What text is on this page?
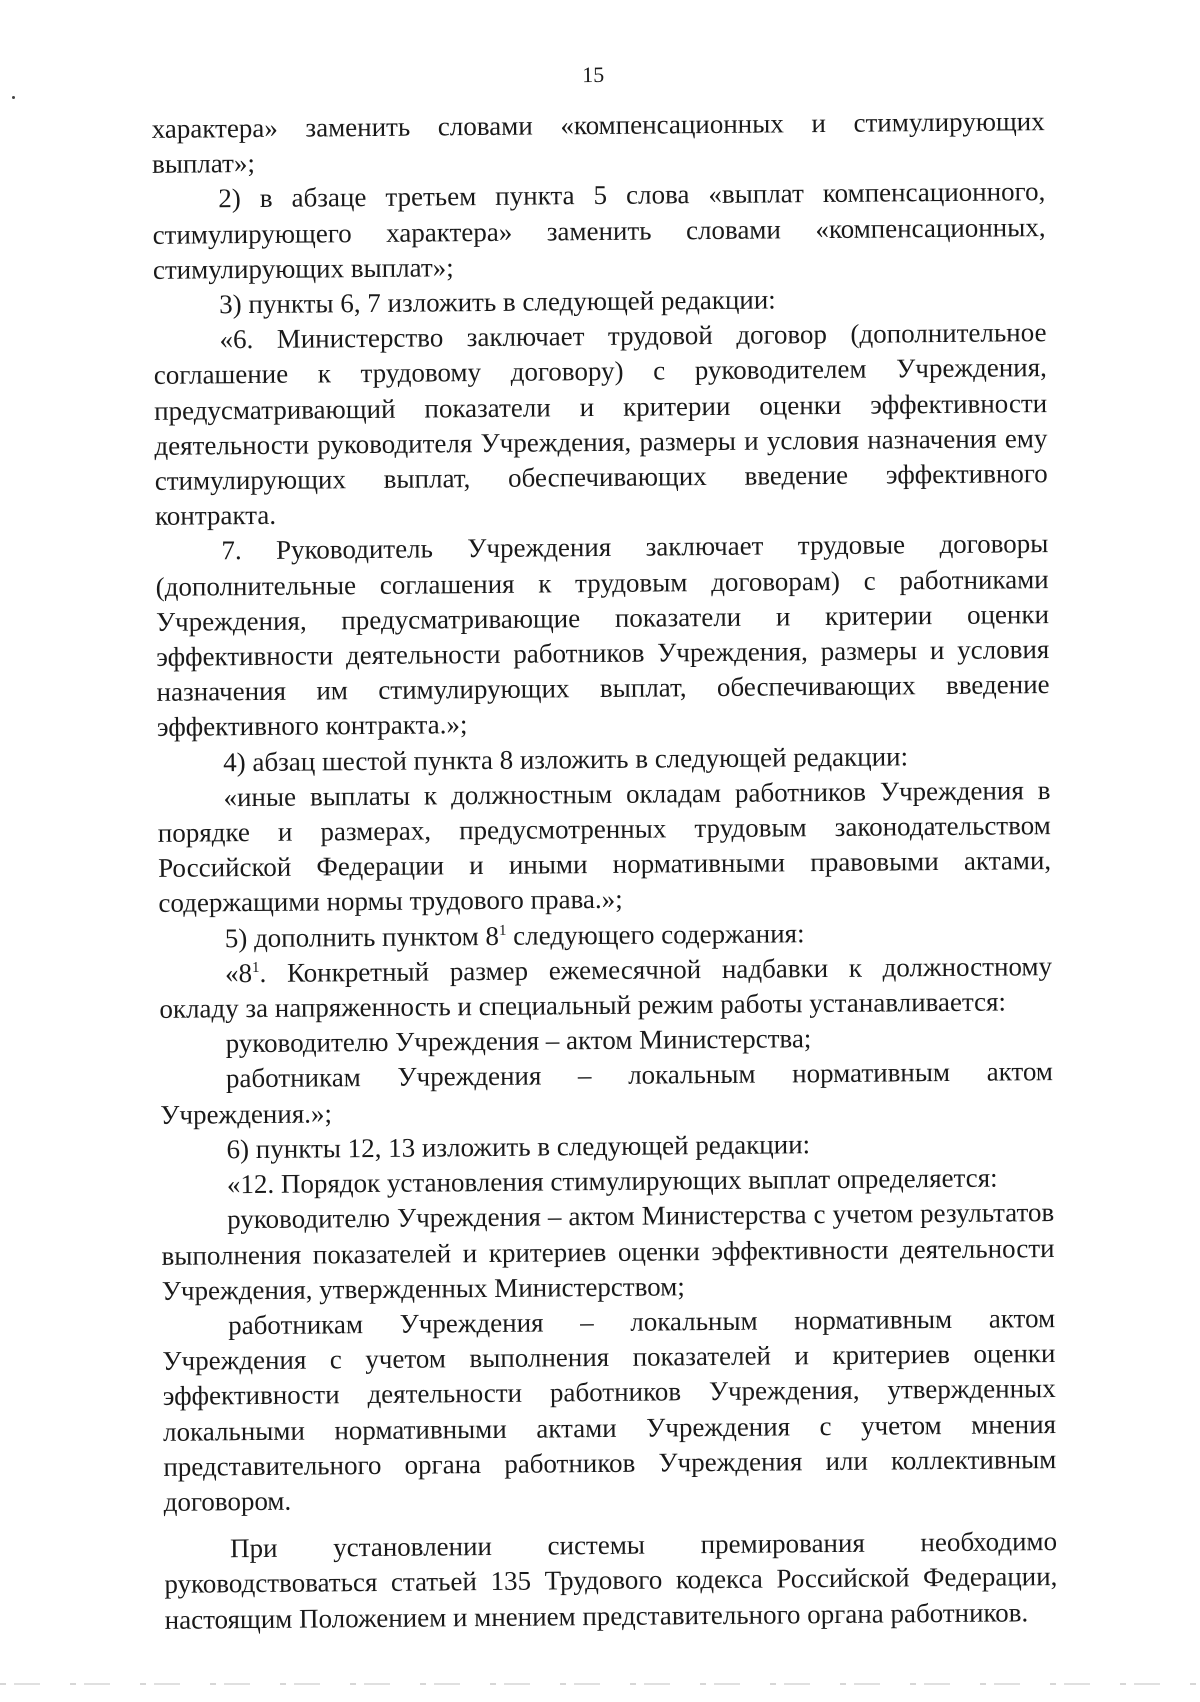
15

характера» заменить словами «компенсационных и стимулирующих выплат»;

2) в абзаце третьем пункта 5 слова «выплат компенсационного, стимулирующего характера» заменить словами «компенсационных, стимулирующих выплат»;

3) пункты 6, 7 изложить в следующей редакции:

«6. Министерство заключает трудовой договор (дополнительное соглашение к трудовому договору) с руководителем Учреждения, предусматривающий показатели и критерии оценки эффективности деятельности руководителя Учреждения, размеры и условия назначения ему стимулирующих выплат, обеспечивающих введение эффективного контракта.

7. Руководитель Учреждения заключает трудовые договоры (дополнительные соглашения к трудовым договорам) с работниками Учреждения, предусматривающие показатели и критерии оценки эффективности деятельности работников Учреждения, размеры и условия назначения им стимулирующих выплат, обеспечивающих введение эффективного контракта.»;

4) абзац шестой пункта 8 изложить в следующей редакции:

«иные выплаты к должностным окладам работников Учреждения в порядке и размерах, предусмотренных трудовым законодательством Российской Федерации и иными нормативными правовыми актами, содержащими нормы трудового права.»;

5) дополнить пунктом $8^1$ следующего содержания:

«$8^1$. Конкретный размер ежемесячной надбавки к должностному окладу за напряженность и специальный режим работы устанавливается:

руководителю Учреждения – актом Министерства;

работникам Учреждения – локальным нормативным актом Учреждения.»;

6) пункты 12, 13 изложить в следующей редакции:

«12. Порядок установления стимулирующих выплат определяется:

руководителю Учреждения – актом Министерства с учетом результатов выполнения показателей и критериев оценки эффективности деятельности Учреждения, утвержденных Министерством;

работникам Учреждения – локальным нормативным актом Учреждения с учетом выполнения показателей и критериев оценки эффективности деятельности работников Учреждения, утвержденных локальными нормативными актами Учреждения с учетом мнения представительного органа работников Учреждения или коллективным договором.

При установлении системы премирования необходимо руководствоваться статьей 135 Трудового кодекса Российской Федерации, настоящим Положением и мнением представительного органа работников.
